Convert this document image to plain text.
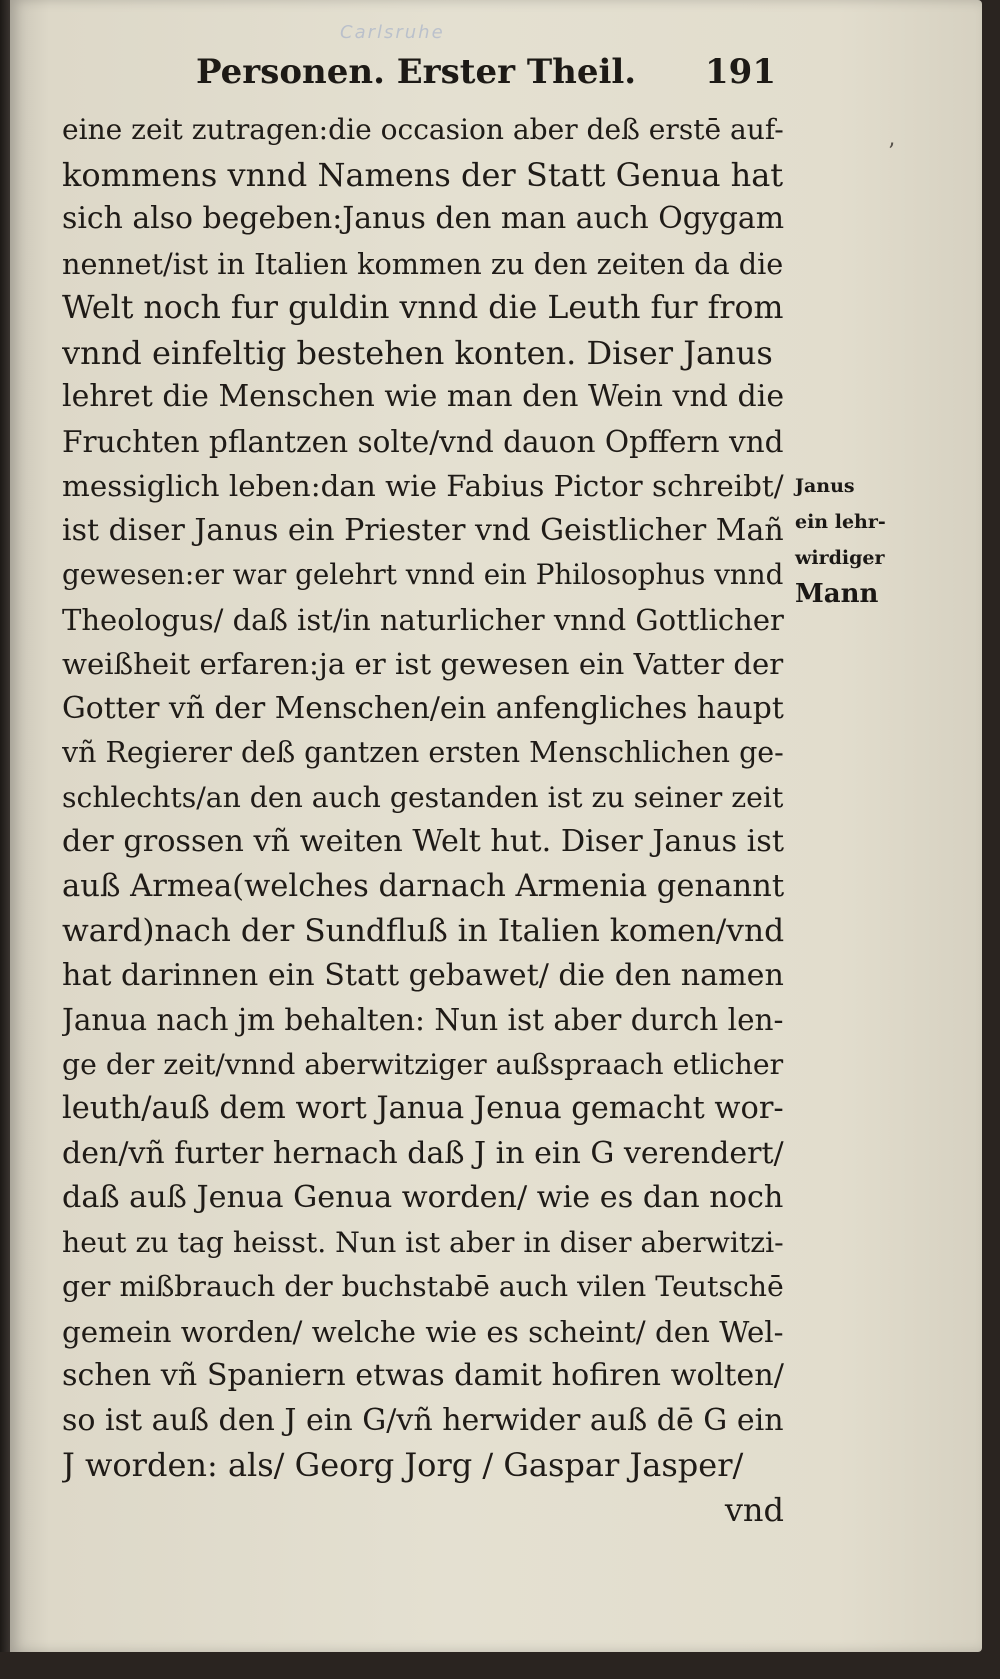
Carlsruhe
Personen. Erster Theil. 191
’
eine zeit zutragen:die occasion aber deß erstē auf-
kommens vnnd Namens der Statt Genua hat
sich also begeben:Janus den man auch Ogygam
nennet/ist in Italien kommen zu den zeiten da die
Welt noch fur guldin vnnd die Leuth fur from
vnnd einfeltig bestehen konten. Diser Janus
lehret die Menschen wie man den Wein vnd die
Fruchten pflantzen solte/vnd dauon Opffern vnd
messiglich leben:dan wie Fabius Pictor schreibt/
ist diser Janus ein Priester vnd Geistlicher Mañ
gewesen:er war gelehrt vnnd ein Philosophus vnnd
Theologus/ daß ist/in naturlicher vnnd Gottlicher
weißheit erfaren:ja er ist gewesen ein Vatter der
Gotter vñ der Menschen/ein anfengliches haupt
vñ Regierer deß gantzen ersten Menschlichen ge-
schlechts/an den auch gestanden ist zu seiner zeit
der grossen vñ weiten Welt hut. Diser Janus ist
auß Armea(welches darnach Armenia genannt
ward)nach der Sundfluß in Italien komen/vnd
hat darinnen ein Statt gebawet/ die den namen
Janua nach jm behalten: Nun ist aber durch len-
ge der zeit/vnnd aberwitziger außspraach etlicher
leuth/auß dem wort Janua Jenua gemacht wor-
den/vñ furter hernach daß J in ein G verendert/
daß auß Jenua Genua worden/ wie es dan noch
heut zu tag heisst. Nun ist aber in diser aberwitzi-
ger mißbrauch der buchstabē auch vilen Teutschē
gemein worden/ welche wie es scheint/ den Wel-
schen vñ Spaniern etwas damit hofiren wolten/
so ist auß den J ein G/vñ herwider auß dē G ein
J worden: als/ Georg Jorg / Gaspar Jasper/
vnd
Janus
ein lehr-
wirdiger
Mann
